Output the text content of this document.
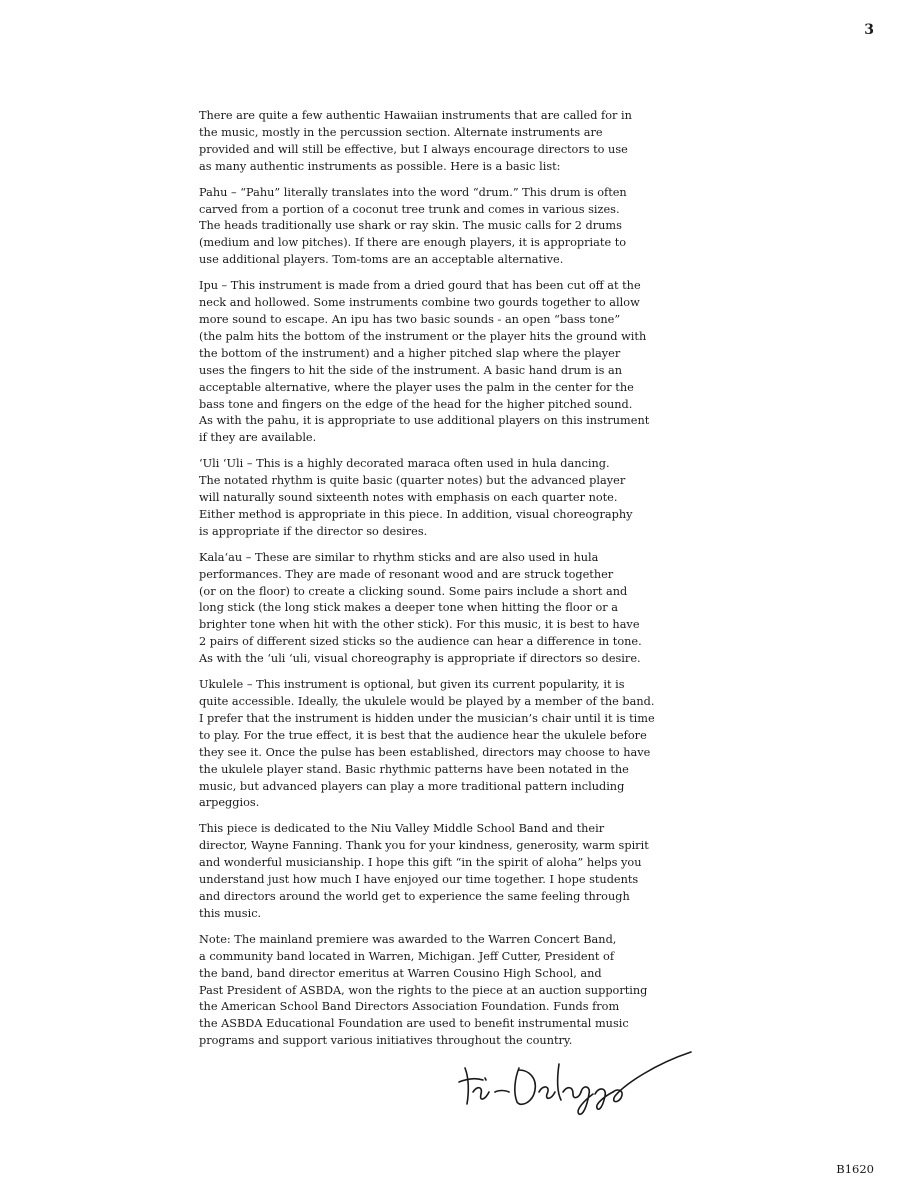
3

There are quite a few authentic Hawaiian instruments that are called for in
the music, mostly in the percussion section. Alternate instruments are
provided and will still be effective, but I always encourage directors to use
as many authentic instruments as possible. Here is a basic list:

Pahu – “Pahu” literally translates into the word “drum.” This drum is often
carved from a portion of a coconut tree trunk and comes in various sizes.
The heads traditionally use shark or ray skin. The music calls for 2 drums
(medium and low pitches). If there are enough players, it is appropriate to
use additional players. Tom-toms are an acceptable alternative.

Ipu – This instrument is made from a dried gourd that has been cut off at the
neck and hollowed. Some instruments combine two gourds together to allow
more sound to escape. An ipu has two basic sounds - an open “bass tone”
(the palm hits the bottom of the instrument or the player hits the ground with
the bottom of the instrument) and a higher pitched slap where the player
uses the fingers to hit the side of the instrument. A basic hand drum is an
acceptable alternative, where the player uses the palm in the center for the
bass tone and fingers on the edge of the head for the higher pitched sound.
As with the pahu, it is appropriate to use additional players on this instrument
if they are available.

ʻUli ʻUli – This is a highly decorated maraca often used in hula dancing.
The notated rhythm is quite basic (quarter notes) but the advanced player
will naturally sound sixteenth notes with emphasis on each quarter note.
Either method is appropriate in this piece. In addition, visual choreography
is appropriate if the director so desires.

Kalaʻau – These are similar to rhythm sticks and are also used in hula
performances. They are made of resonant wood and are struck together
(or on the floor) to create a clicking sound. Some pairs include a short and
long stick (the long stick makes a deeper tone when hitting the floor or a
brighter tone when hit with the other stick). For this music, it is best to have
2 pairs of different sized sticks so the audience can hear a difference in tone.
As with the ʻuli ʻuli, visual choreography is appropriate if directors so desire.

Ukulele – This instrument is optional, but given its current popularity, it is
quite accessible. Ideally, the ukulele would be played by a member of the band.
I prefer that the instrument is hidden under the musician’s chair until it is time
to play. For the true effect, it is best that the audience hear the ukulele before
they see it. Once the pulse has been established, directors may choose to have
the ukulele player stand. Basic rhythmic patterns have been notated in the
music, but advanced players can play a more traditional pattern including
arpeggios.

This piece is dedicated to the Niu Valley Middle School Band and their
director, Wayne Fanning. Thank you for your kindness, generosity, warm spirit
and wonderful musicianship. I hope this gift “in the spirit of aloha” helps you
understand just how much I have enjoyed our time together. I hope students
and directors around the world get to experience the same feeling through
this music.

Note: The mainland premiere was awarded to the Warren Concert Band,
a community band located in Warren, Michigan. Jeff Cutter, President of
the band, band director emeritus at Warren Cousino High School, and
Past President of ASBDA, won the rights to the piece at an auction supporting
the American School Band Directors Association Foundation. Funds from
the ASBDA Educational Foundation are used to benefit instrumental music
programs and support various initiatives throughout the country.

B1620
